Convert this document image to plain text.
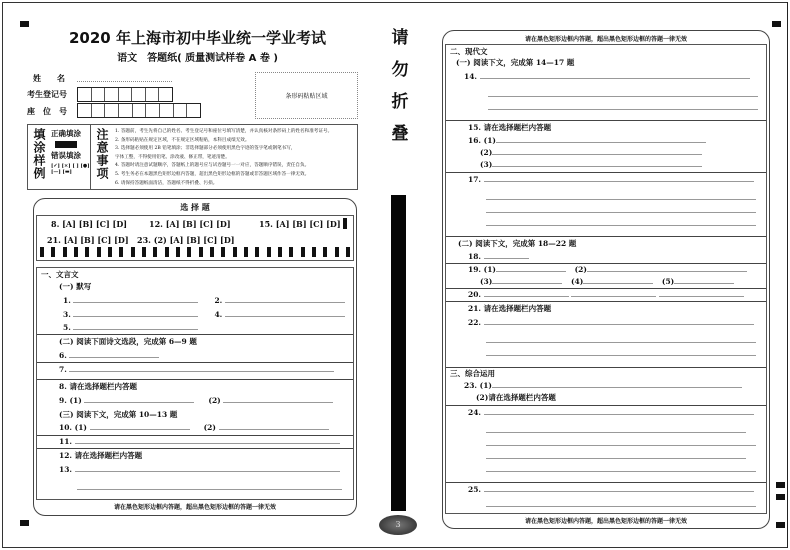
2020 年上海市初中毕业统一学业考试
语文　答题纸( 质量测试样卷 A 卷 )
姓　　名
考生登记号
座　位　号
条形码粘贴区域
填涂样例 正确填涂
错误填涂
[✓] [×] [ ] [●] [—] [▬]	注意事项	1. 答题前，考生先将自己的姓名、考生登记号和座位号填写清楚，并认真核对条形码上的姓名和准考证号。
2. 条形码粘贴在规定区域，不在规定区域粘贴，本科目成绩无效。
3. 选择题必须使用 2B 铅笔填涂；非选择题部分必须使用黑色字迹的签字笔或钢笔书写，
字体工整，不得使用铅笔、涂改液、修正带，笔迹清楚。
4. 答题时请注意试题顺序，答题纸上的题号应与试卷题号一一对应，答题顺序错误，责任自负。
5. 考生务必在本题黑色矩形边框内答题，超出黑色矩形边框的答题或非答题区域作答一律无效。
6. 请保持答题纸面清洁，答题纸不得折叠、污损。
选 择 题
8. [A] [B] [C] [D]	12. [A] [B] [C] [D]	15. [A] [B] [C] [D]
21. [A] [B] [C] [D] 23. (2) [A] [B] [C] [D]
一、文言文
(一) 默写
1.	2.
3.	4.
5.
(二) 阅读下面诗文选段，完成第 6—9 题
6.
7.
8. 请在选择题栏内答题
9. (1)	(2)
(三) 阅读下文，完成第 10—13 题
10. (1)	(2)
11.
12. 请在选择题栏内答题
13.
请在黑色矩形边框内答题，超出黑色矩形边框的答题一律无效
请
勿
折
叠
3
请在黑色矩形边框内答题，超出黑色矩形边框的答题一律无效
二、现代文
(一) 阅读下文，完成第 14—17 题
14.
15. 请在选择题栏内答题
16. (1)
(2)
(3)
17.
(二) 阅读下文，完成第 18—22 题
18.
19. (1)	(2)
(3)	(4)	(5)
20.
21. 请在选择题栏内答题
22.
三、综合运用
23. (1)
(2)请在选择题栏内答题
24.
25.
请在黑色矩形边框内答题，超出黑色矩形边框的答题一律无效
